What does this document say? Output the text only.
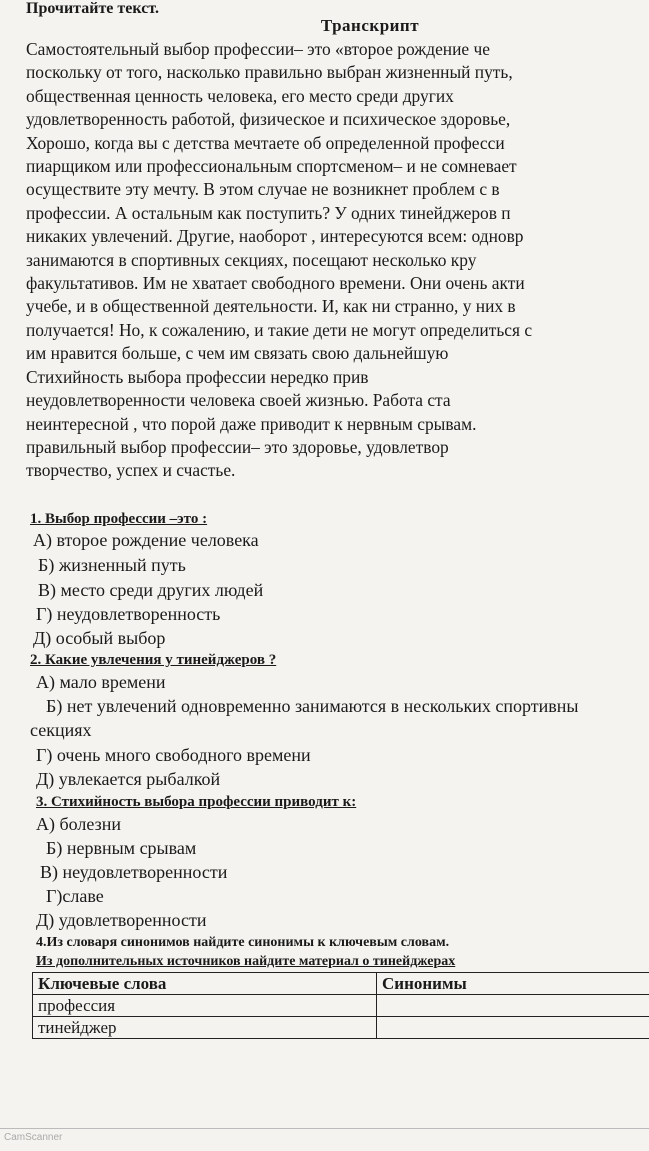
Прочитайте текст.
Транскрипт
Самостоятельный выбор профессии– это «второе рождение че
поскольку от того, насколько правильно выбран жизненный путь,
общественная ценность человека, его место среди других
удовлетворенность работой, физическое и психическое здоровье,
Хорошо, когда вы с детства мечтаете об определенной професси
пиарщиком или профессиональным спортсменом– и не сомневает
осуществите эту мечту. В этом случае не возникнет проблем с в
профессии. А остальным как поступить? У одних тинейджеров п
никаких увлечений. Другие, наоборот , интересуются всем: одновр
занимаются в спортивных секциях, посещают несколько кру
факультативов. Им не хватает свободного времени. Они очень акти
учебе, и в общественной деятельности. И, как ни странно, у них в
получается! Но, к сожалению, и такие дети не могут определиться с
им нравится больше, с чем им связать свою дальнейшую
Стихийность выбора профессии нередко прив
неудовлетворенности человека своей жизнью. Работа ста
неинтересной , что порой даже приводит к нервным срывам.
правильный выбор профессии– это здоровье, удовлетвор
творчество, успех и счастье.
1. Выбор профессии –это :
А) второе рождение человека
Б) жизненный путь
В) место среди других людей
Г) неудовлетворенность
Д) особый выбор
2. Какие увлечения у тинейджеров ?
А) мало времени
Б) нет увлечений одновременно занимаются в нескольких спортивны
секциях
Г) очень много свободного времени
Д) увлекается рыбалкой
3. Стихийность выбора профессии приводит к:
А) болезни
Б) нервным срывам
В) неудовлетворенности
Г)славе
Д) удовлетворенности
4.Из словаря синонимов найдите синонимы к ключевым словам.
Из дополнительных источников найдите материал о тинейджерах
Ключевые слова	Синонимы
профессия	
тинейджер	
CamScanner
